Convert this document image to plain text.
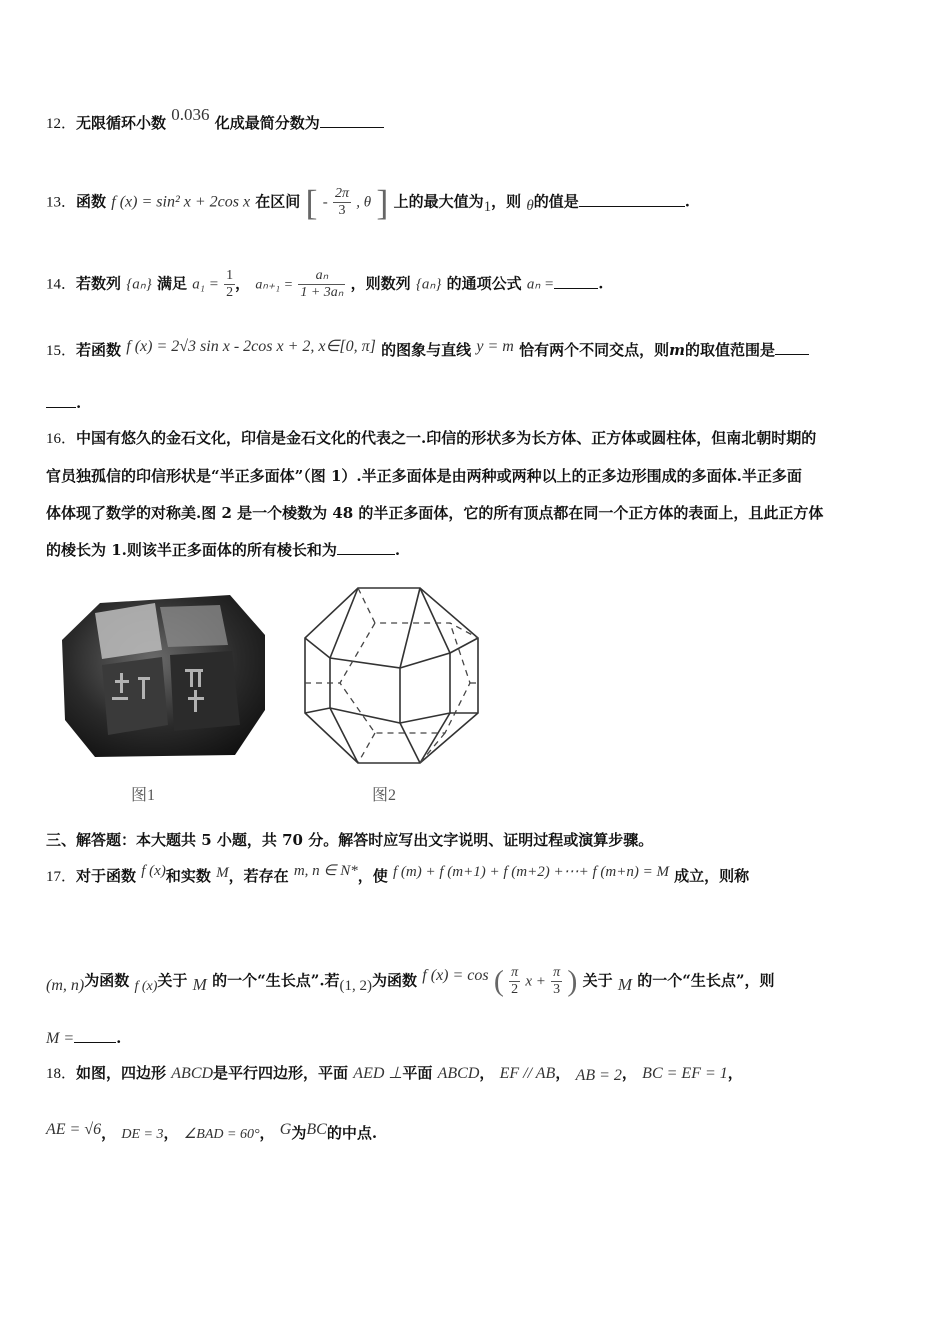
12．无限循环小数 0.036 化成最简分数为
13．函数 f (x) = sin² x + 2cos x 在区间 [ - $\frac{2\pi}{3}$ , θ ] 上的最大值为1，则 θ的值是	.
14．若数列 {aₙ} 满足 $a_1 = \frac{1}{2}$ ， $a_{n+1} = \frac{\text{aₙ}}{\text{1 + 3aₙ}}$ ，则数列 {aₙ} 的通项公式 aₙ =	.
15．若函数 f (x) = 2√3 sin x - 2cos x + 2, x∈[0, π] 的图象与直线 y = m 恰有两个不同交点，则m的取值范围是
.
16．中国有悠久的金石文化，印信是金石文化的代表之一.印信的形状多为长方体、正方体或圆柱体，但南北朝时期的
官员独孤信的印信形状是“半正多面体”（图 1）.半正多面体是由两种或两种以上的正多边形围成的多面体.半正多面
体体现了数学的对称美.图 2 是一个棱数为 48 的半正多面体，它的所有顶点都在同一个正方体的表面上，且此正方体
的棱长为 1.则该半正多面体的所有棱长和为	.
图1	图2
三、解答题：本大题共 5 小题，共 70 分。解答时应写出文字说明、证明过程或演算步骤。
17．对于函数 f (x)和实数 M，若存在 m, n ∈ N*，使 f (m) + f (m+1) + f (m+2) +⋯+ f (m+n) = M 成立，则称
(m, n)为函数 f (x)关于 M 的一个“生长点”.若(1, 2)为函数 f (x) = cos ( $\frac{\pi}{2}$ $x + \frac{\pi}{3}$ ) 关于 M 的一个“生长点”，则
M =	.
18．如图，四边形 ABCD是平行四边形，平面 AED ⊥平面 ABCD， EF // AB， AB = 2， BC = EF = 1，
AE = √6， DE = 3， ∠BAD = 60°， G为BC的中点.
